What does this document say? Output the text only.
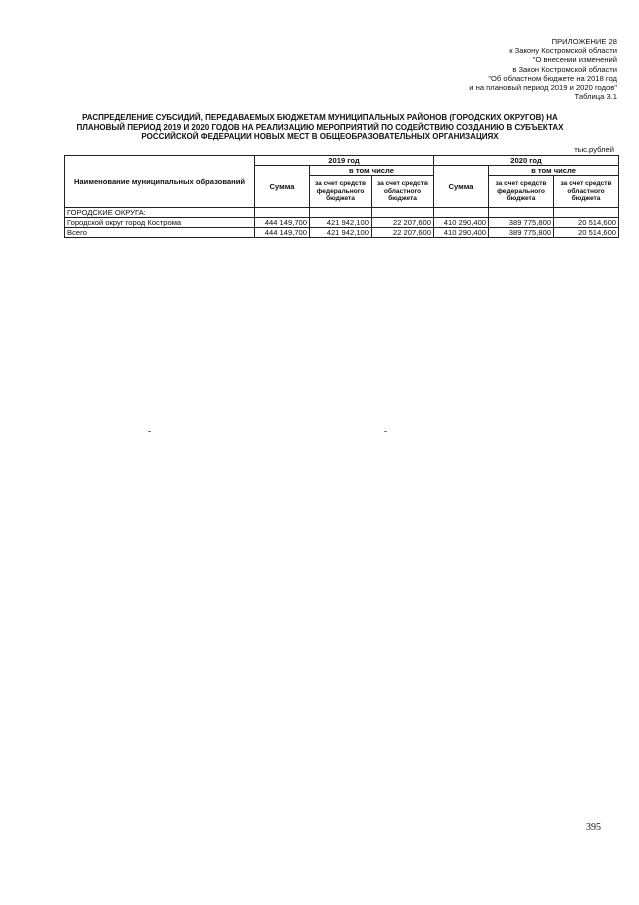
ПРИЛОЖЕНИЕ 28
к Закону Костромской области
"О внесении изменений
в Закон Костромской области
"Об областном бюджете на 2018 год
и на плановый период 2019 и 2020 годов"
Таблица 3.1
РАСПРЕДЕЛЕНИЕ СУБСИДИЙ, ПЕРЕДАВАЕМЫХ БЮДЖЕТАМ МУНИЦИПАЛЬНЫХ РАЙОНОВ (ГОРОДСКИХ ОКРУГОВ) НА
ПЛАНОВЫЙ ПЕРИОД 2019 И 2020 ГОДОВ НА РЕАЛИЗАЦИЮ МЕРОПРИЯТИЙ ПО СОДЕЙСТВИЮ СОЗДАНИЮ В СУБЪЕКТАХ
РОССИЙСКОЙ ФЕДЕРАЦИИ НОВЫХ МЕСТ В ОБЩЕОБРАЗОВАТЕЛЬНЫХ ОРГАНИЗАЦИЯХ
тыс.рублей
Наименование муниципальных образований	2019 год			2020 год		
	Сумма	в том числе		Сумма	в том числе	
		за счет средств федерального бюджета	за счет средств областного бюджета		за счет средств федерального бюджета	за счет средств областного бюджета
ГОРОДСКИЕ ОКРУГА:						
Городской округ город Кострома	444 149,700	421 942,100	22 207,600	410 290,400	389 775,800	20 514,600
Всего	444 149,700	421 942,100	22 207,600	410 290,400	389 775,800	20 514,600
395
